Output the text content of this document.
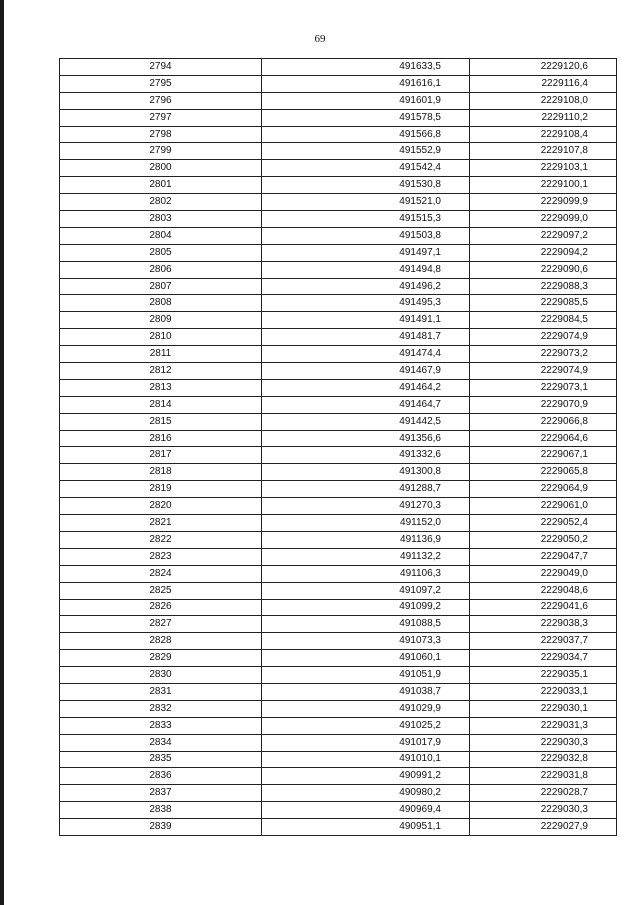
69
2794	491633,5	2229120,6
2795	491616,1	2229116,4
2796	491601,9	2229108,0
2797	491578,5	2229110,2
2798	491566,8	2229108,4
2799	491552,9	2229107,8
2800	491542,4	2229103,1
2801	491530,8	2229100,1
2802	491521,0	2229099,9
2803	491515,3	2229099,0
2804	491503,8	2229097,2
2805	491497,1	2229094,2
2806	491494,8	2229090,6
2807	491496,2	2229088,3
2808	491495,3	2229085,5
2809	491491,1	2229084,5
2810	491481,7	2229074,9
2811	491474,4	2229073,2
2812	491467,9	2229074,9
2813	491464,2	2229073,1
2814	491464,7	2229070,9
2815	491442,5	2229066,8
2816	491356,6	2229064,6
2817	491332,6	2229067,1
2818	491300,8	2229065,8
2819	491288,7	2229064,9
2820	491270,3	2229061,0
2821	491152,0	2229052,4
2822	491136,9	2229050,2
2823	491132,2	2229047,7
2824	491106,3	2229049,0
2825	491097,2	2229048,6
2826	491099,2	2229041,6
2827	491088,5	2229038,3
2828	491073,3	2229037,7
2829	491060,1	2229034,7
2830	491051,9	2229035,1
2831	491038,7	2229033,1
2832	491029,9	2229030,1
2833	491025,2	2229031,3
2834	491017,9	2229030,3
2835	491010,1	2229032,8
2836	490991,2	2229031,8
2837	490980,2	2229028,7
2838	490969,4	2229030,3
2839	490951,1	2229027,9
